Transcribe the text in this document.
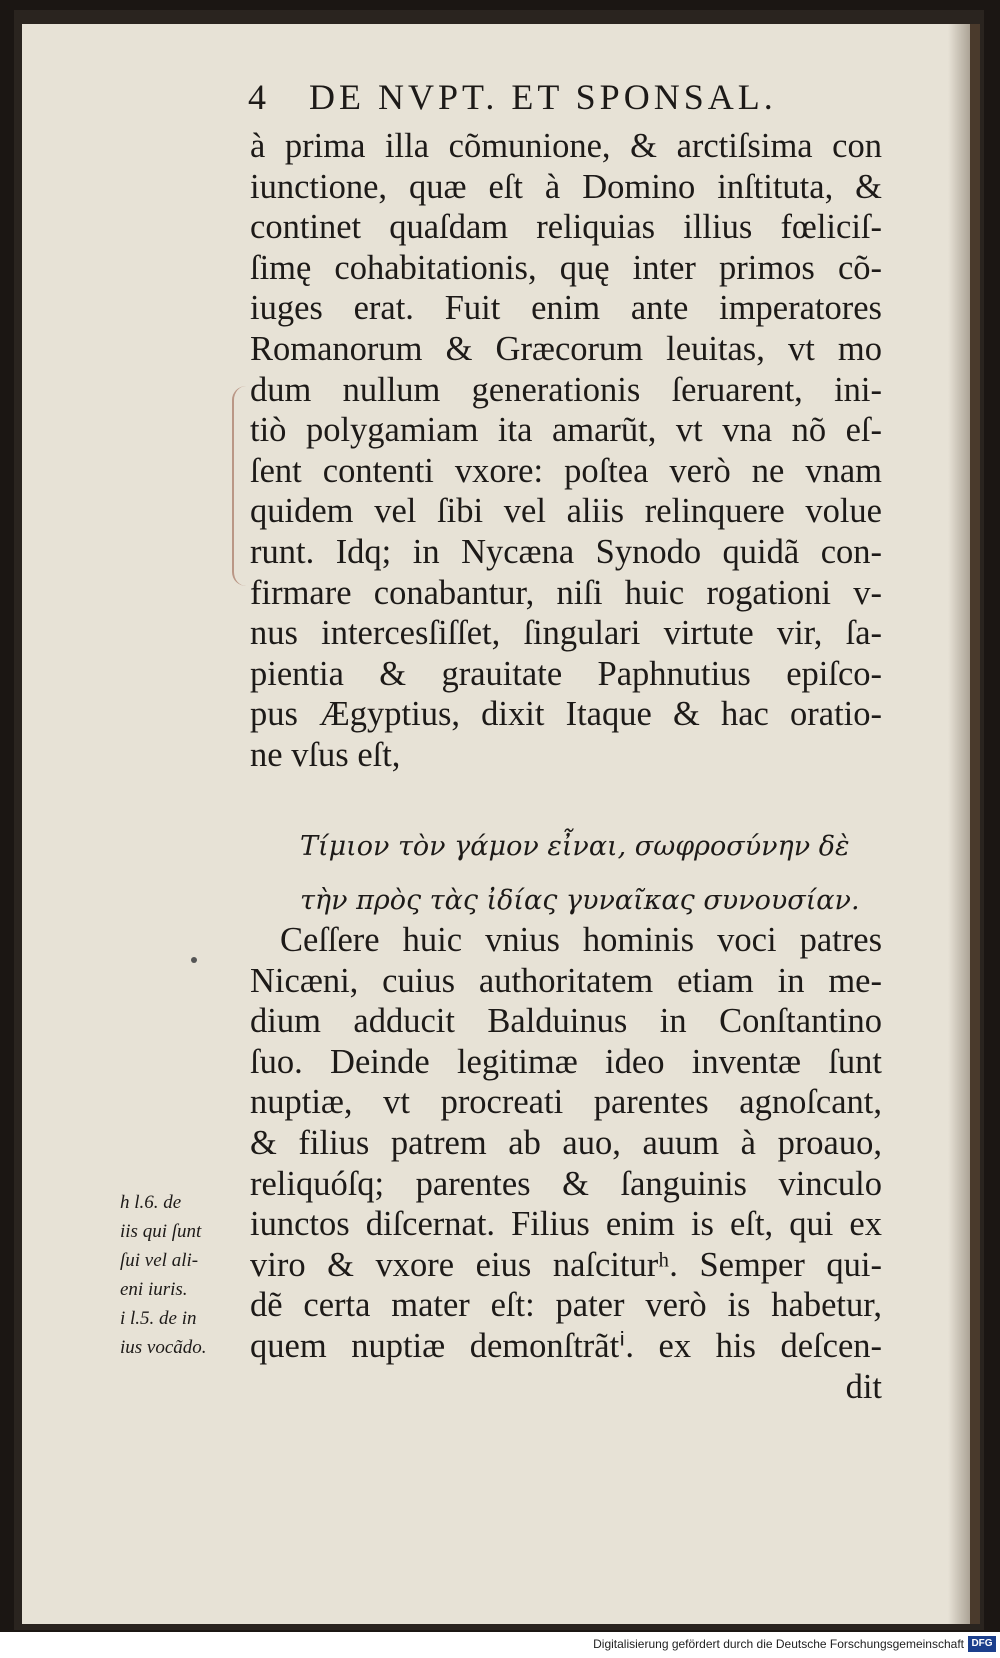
4 DE NVPT. ET SPONSAL.
à prima illa cõmunione, & arctiſsima con
iunctione, quæ eſt à Domino inſtituta, &
continet quaſdam reliquias illius fœliciſ-
ſimę cohabitationis, quę inter primos cõ-
iuges erat. Fuit enim ante imperatores
Romanorum & Græcorum leuitas, vt mo
dum nullum generationis ſeruarent, ini-
tiò polygamiam ita amarũt, vt vna nõ eſ-
ſent contenti vxore: poſtea verò ne vnam
quidem vel ſibi vel aliis relinquere volue
runt. Idq; in Nycæna Synodo quidã con-
firmare conabantur, niſi huic rogationi v-
nus intercesſiſſet, ſingulari virtute vir, ſa-
pientia & grauitate Paphnutius epiſco-
pus Ægyptius, dixit Itaque & hac oratio-
ne vſus eſt,
Τίμιον τὸν γάμον εἶναι, σωφροσύνην δὲ
τὴν πρὸς τὰς ἰδίας γυναῖκας συνουσίαν.
Ceſſere huic vnius hominis voci patres
Nicæni, cuius authoritatem etiam in me-
dium adducit Balduinus in Conſtantino
ſuo. Deinde legitimæ ideo inventæ ſunt
nuptiæ, vt procreati parentes agnoſcant,
& filius patrem ab auo, auum à proauo,
reliquóſq; parentes & ſanguinis vinculo
iunctos diſcernat. Filius enim is eſt, qui ex
viro & vxore eius naſciturʰ. Semper qui-
dẽ certa mater eſt: pater verò is habetur,
quem nuptiæ demonſtrãtⁱ. ex his deſcen-
dit
h l.6. de
iis qui ſunt
ſui vel ali-
eni iuris.
i l.5. de in
ius vocãdo.
Digitalisierung gefördert durch die Deutsche Forschungsgemeinschaft DFG
